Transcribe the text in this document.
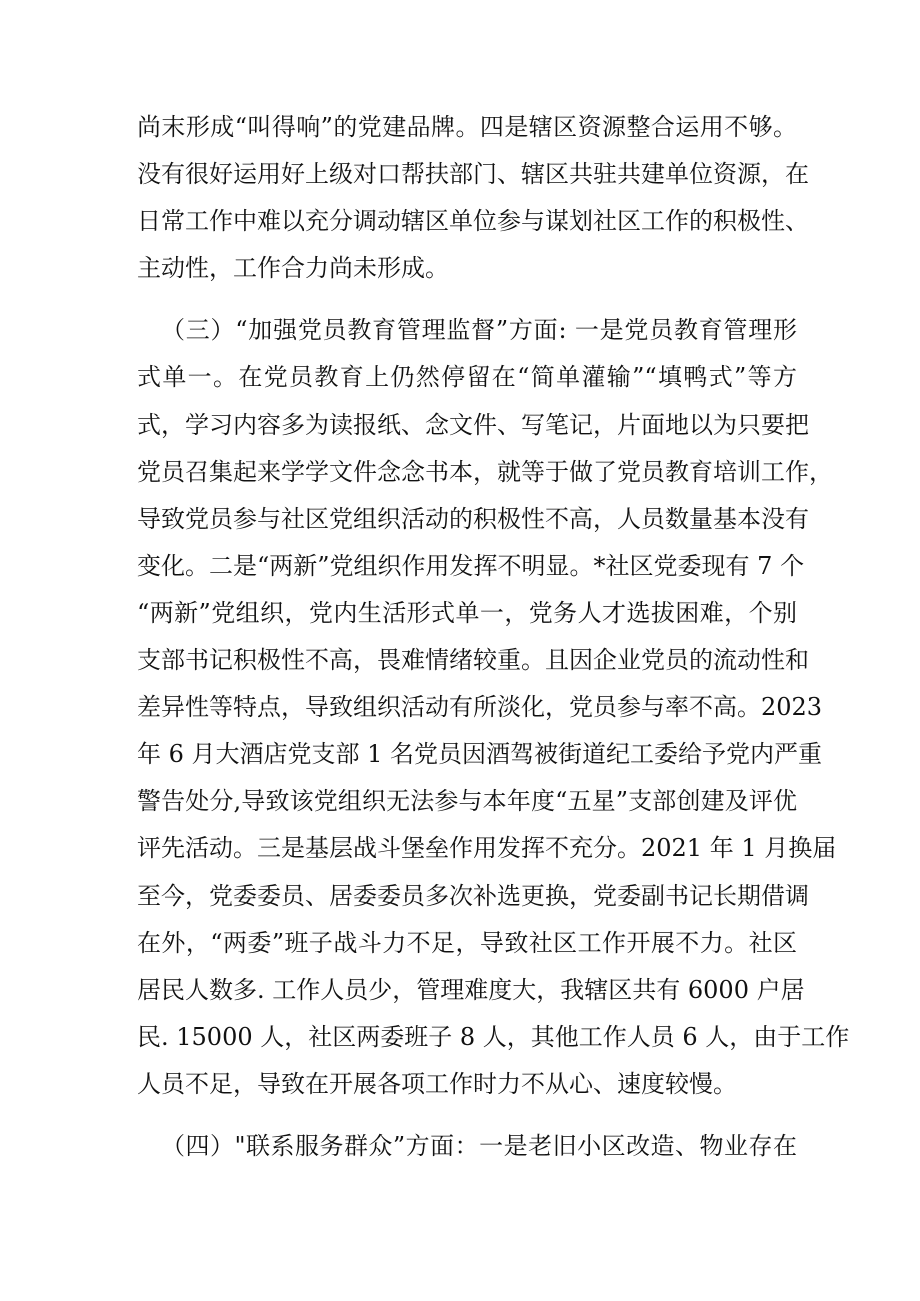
尚末形成“叫得响”的党建品牌。四是辖区资源整合运用不够。
没有很好运用好上级对口帮扶部门、辖区共驻共建单位资源，在
日常工作中难以充分调动辖区单位参与谋划社区工作的积极性、
主动性，工作合力尚未形成。
（三）“加强党员教育管理监督”方面: 一是党员教育管理形
式单一。在党员教育上仍然停留在“简单灌输”“填鸭式”等方
式，学习内容多为读报纸、念文件、写笔记，片面地以为只要把
党员召集起来学学文件念念书本，就等于做了党员教育培训工作，
导致党员参与社区党组织活动的积极性不高，人员数量基本没有
变化。二是“两新”党组织作用发挥不明显。*社区党委现有 7 个
“两新”党组织，党内生活形式单一，党务人才选拔困难，个别
支部书记积极性不高，畏难情绪较重。且因企业党员的流动性和
差异性等特点，导致组织活动有所淡化，党员参与率不高。2023
年 6 月大酒店党支部 1 名党员因酒驾被街道纪工委给予党内严重
警告处分,导致该党组织无法参与本年度“五星”支部创建及评优
评先活动。三是基层战斗堡垒作用发挥不充分。2021 年 1 月换届
至今，党委委员、居委委员多次补选更换，党委副书记长期借调
在外，“两委”班子战斗力不足，导致社区工作开展不力。社区
居民人数多. 工作人员少，管理难度大，我辖区共有 6000 户居
民. 15000 人，社区两委班子 8 人，其他工作人员 6 人，由于工作
人员不足，导致在开展各项工作时力不从心、速度较慢。
（四）"联系服务群众”方面：一是老旧小区改造、物业存在
